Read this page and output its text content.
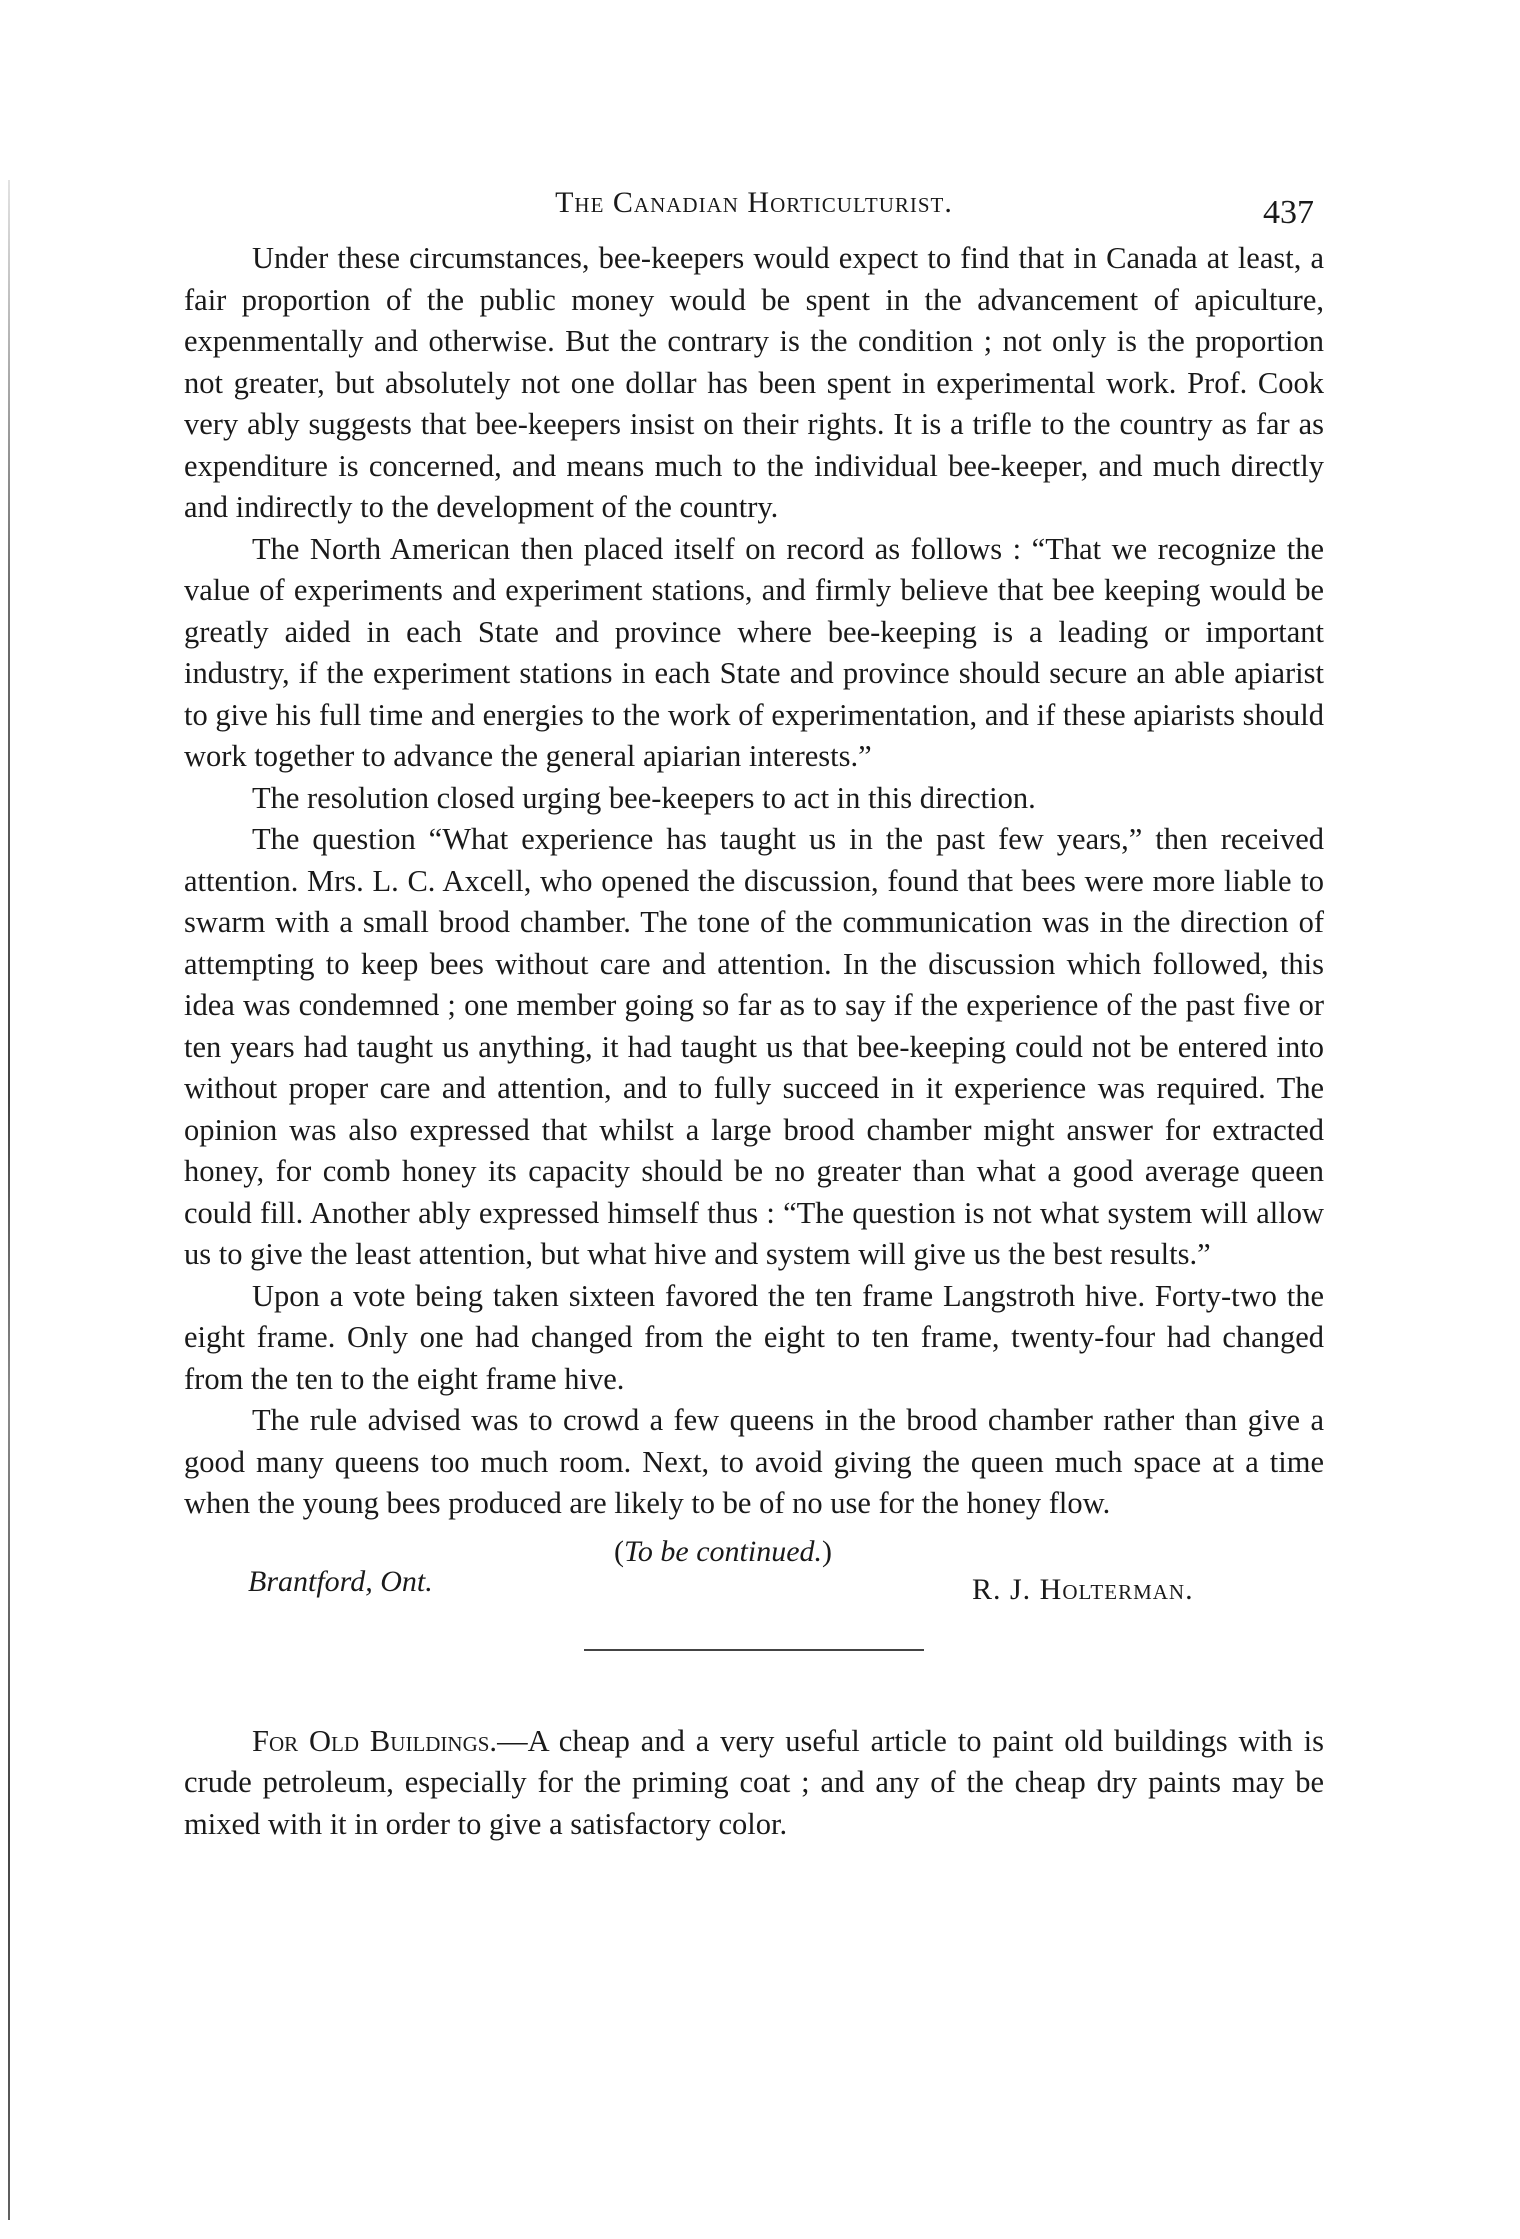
The Canadian Horticulturist.	437

Under these circumstances, bee-keepers would expect to find that in Canada at least, a fair proportion of the public money would be spent in the advancement of apiculture, expenmentally and otherwise. But the contrary is the condition ; not only is the proportion not greater, but absolutely not one dollar has been spent in experimental work. Prof. Cook very ably suggests that bee-keepers insist on their rights. It is a trifle to the country as far as expenditure is concerned, and means much to the individual bee-keeper, and much directly and indirectly to the development of the country.

The North American then placed itself on record as follows : “That we recognize the value of experiments and experiment stations, and firmly believe that bee keeping would be greatly aided in each State and province where bee-keeping is a leading or important industry, if the experiment stations in each State and province should secure an able apiarist to give his full time and energies to the work of experimentation, and if these apiarists should work together to advance the general apiarian interests.”

The resolution closed urging bee-keepers to act in this direction.

The question “What experience has taught us in the past few years,” then received attention. Mrs. L. C. Axcell, who opened the discussion, found that bees were more liable to swarm with a small brood chamber. The tone of the communication was in the direction of attempting to keep bees without care and attention. In the discussion which followed, this idea was condemned ; one member going so far as to say if the experience of the past five or ten years had taught us anything, it had taught us that bee-keeping could not be entered into without proper care and attention, and to fully succeed in it experience was required. The opinion was also expressed that whilst a large brood chamber might answer for extracted honey, for comb honey its capacity should be no greater than what a good average queen could fill. Another ably expressed himself thus : “The question is not what system will allow us to give the least attention, but what hive and system will give us the best results.”

Upon a vote being taken sixteen favored the ten frame Langstroth hive. Forty-two the eight frame. Only one had changed from the eight to ten frame, twenty-four had changed from the ten to the eight frame hive.

The rule advised was to crowd a few queens in the brood chamber rather than give a good many queens too much room. Next, to avoid giving the queen much space at a time when the young bees produced are likely to be of no use for the honey flow.

Brantford, Ont.
(To be continued.)
R. J. Holterman.

For Old Buildings.—A cheap and a very useful article to paint old buildings with is crude petroleum, especially for the priming coat ; and any of the cheap dry paints may be mixed with it in order to give a satisfactory color.
